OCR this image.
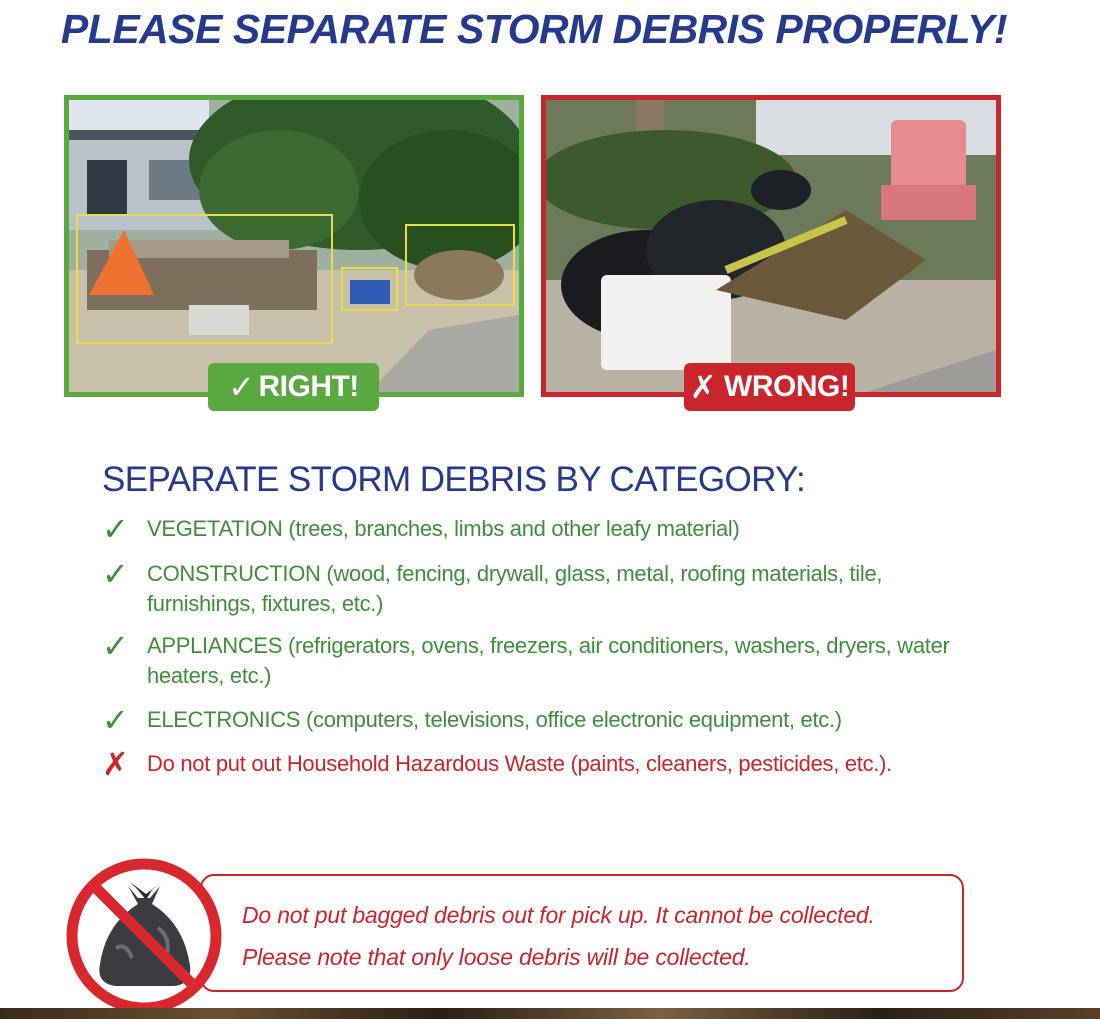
PLEASE SEPARATE STORM DEBRIS PROPERLY!
✓ RIGHT!	✗ WRONG!
SEPARATE STORM DEBRIS BY CATEGORY:
✓ VEGETATION (trees, branches, limbs and other leafy material)
✓ CONSTRUCTION (wood, fencing, drywall, glass, metal, roofing materials, tile, furnishings, fixtures, etc.)
✓ APPLIANCES (refrigerators, ovens, freezers, air conditioners, washers, dryers, water heaters, etc.)
✓ ELECTRONICS (computers, televisions, office electronic equipment, etc.)
✗ Do not put out Household Hazardous Waste (paints, cleaners, pesticides, etc.).
Do not put bagged debris out for pick up. It cannot be collected.
Please note that only loose debris will be collected.
